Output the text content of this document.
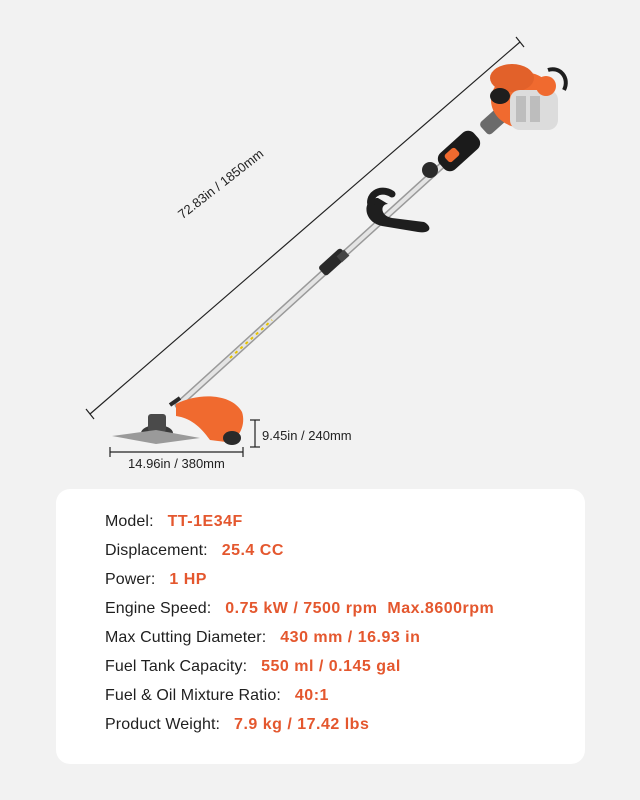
72.83in / 1850mm
9.45in / 240mm
14.96in / 380mm
Model: TT-1E34F
Displacement: 25.4 CC
Power: 1 HP
Engine Speed: 0.75 kW / 7500 rpm  Max.8600rpm
Max Cutting Diameter: 430 mm / 16.93 in
Fuel Tank Capacity: 550 ml / 0.145 gal
Fuel & Oil Mixture Ratio: 40:1
Product Weight: 7.9 kg / 17.42 lbs
